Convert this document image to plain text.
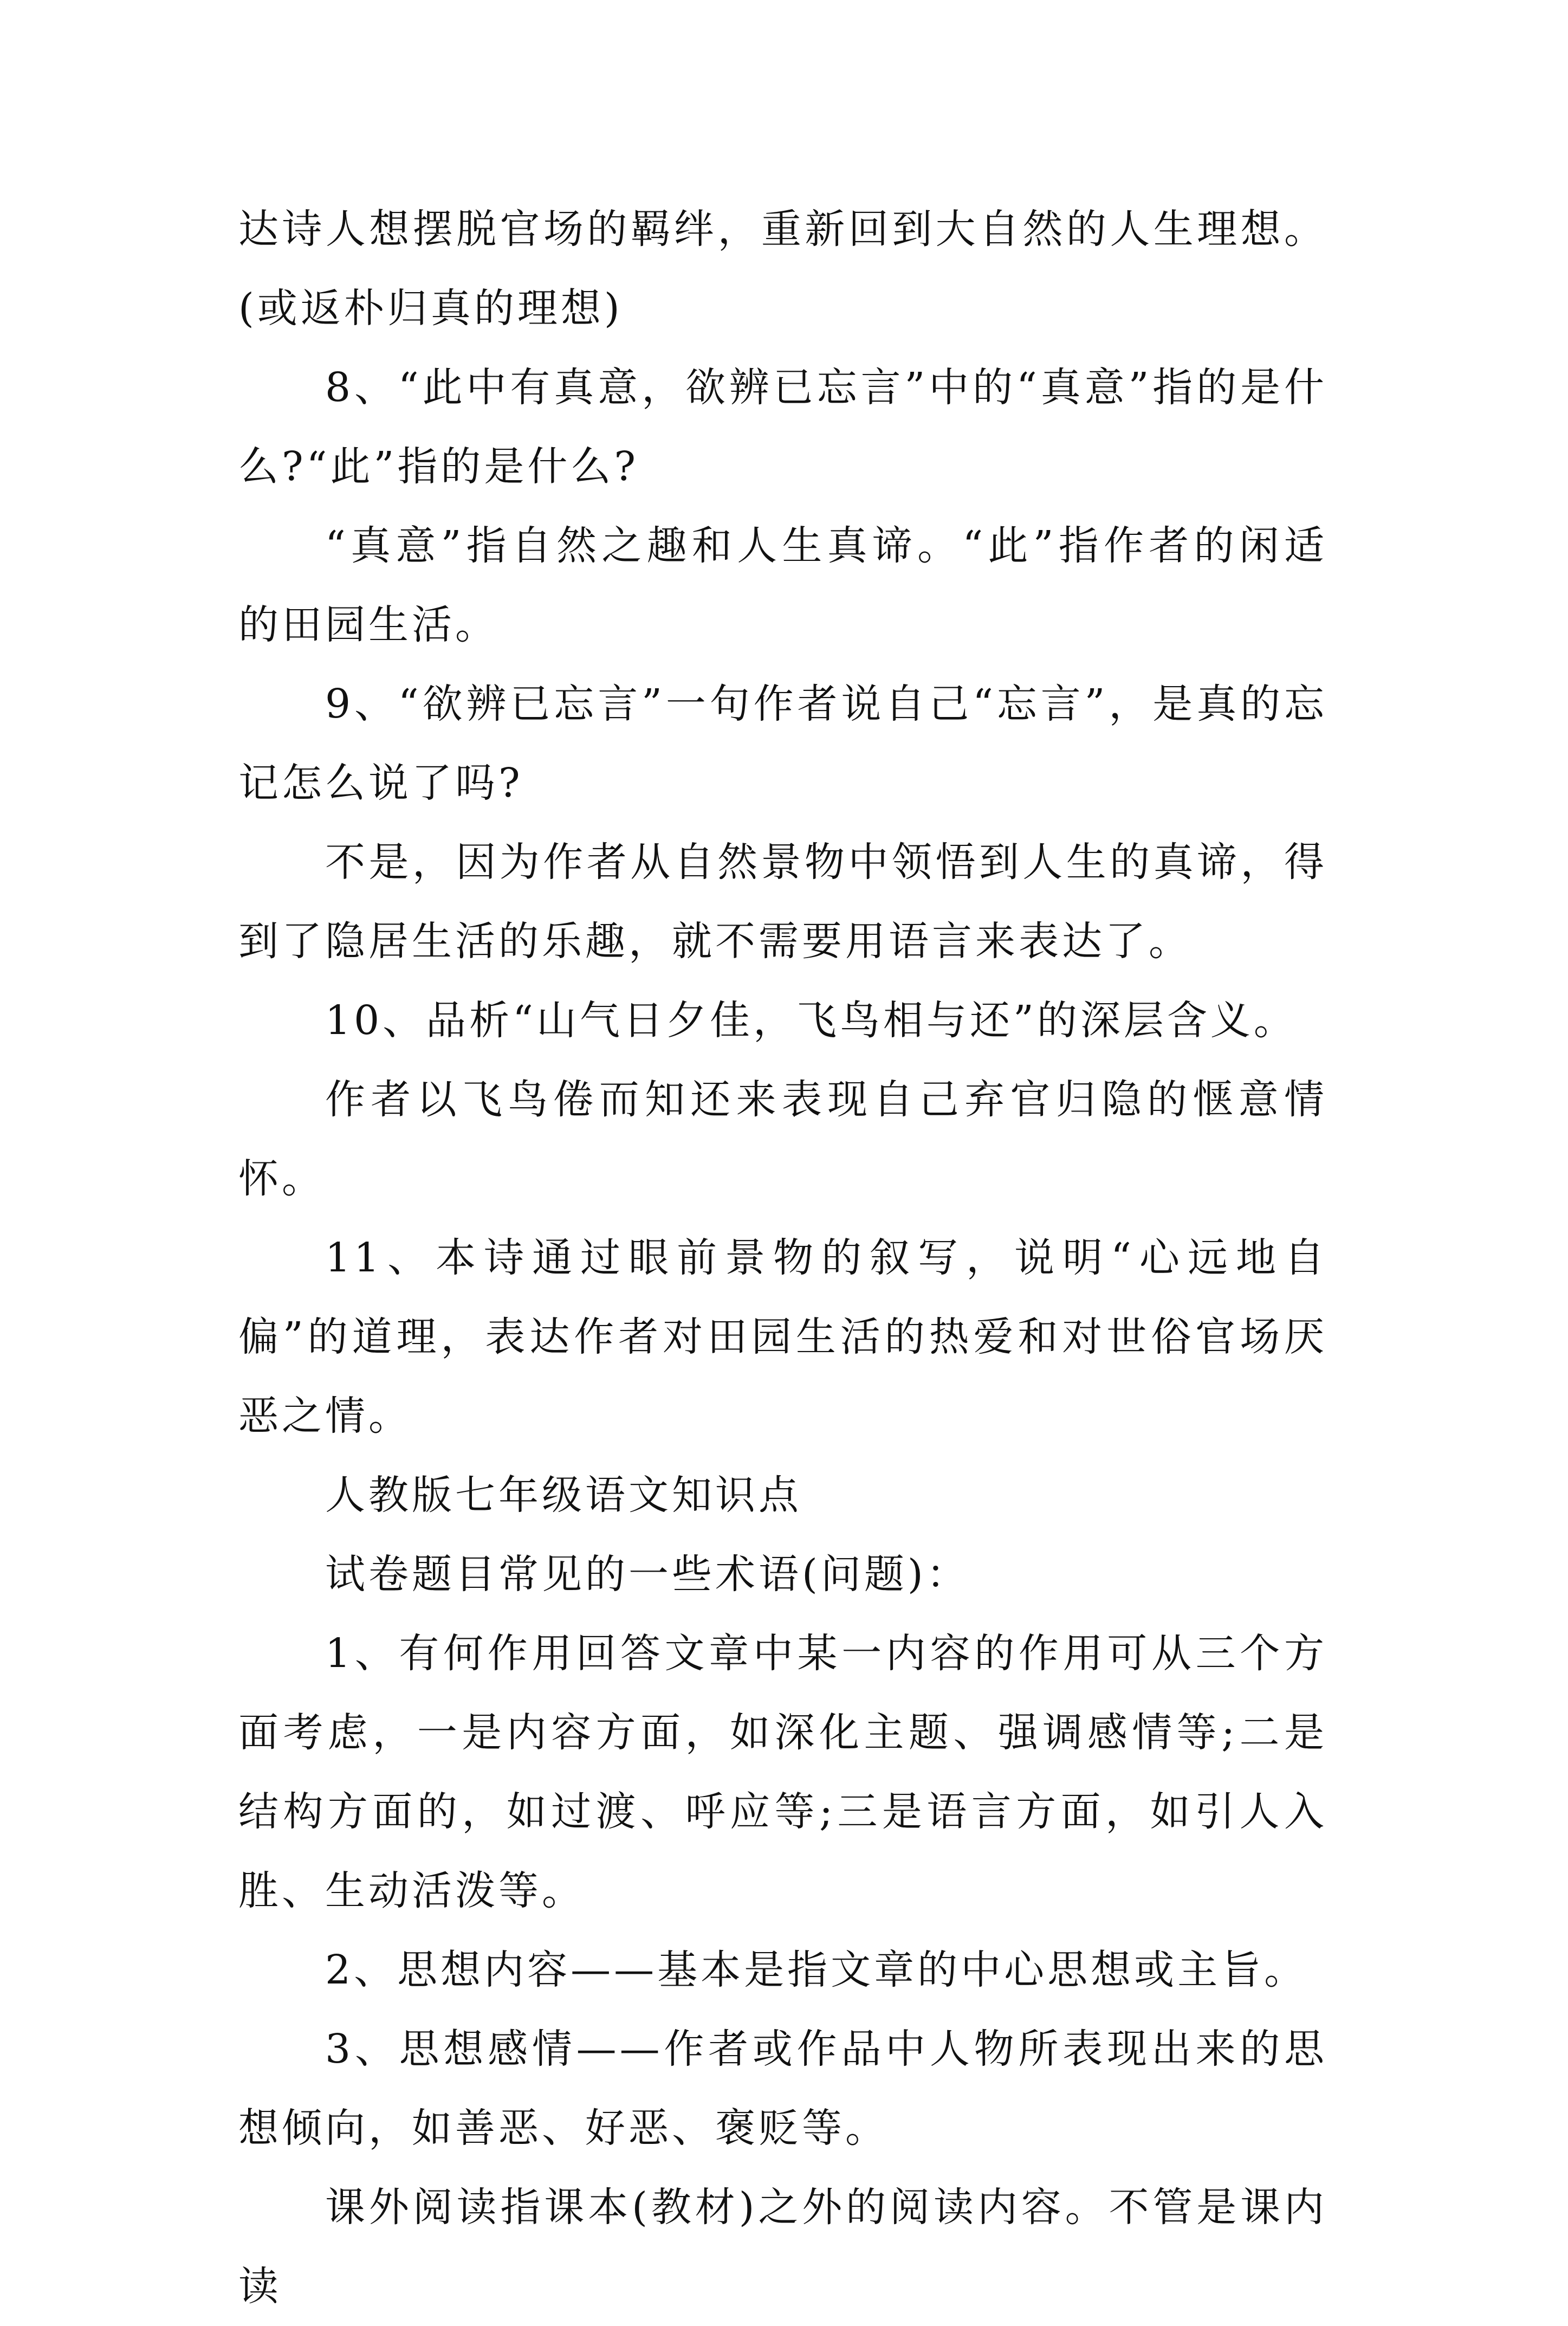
达诗人想摆脱官场的羁绊，重新回到大自然的人生理想。(或返朴归真的理想)

8、“此中有真意，欲辨已忘言”中的“真意”指的是什么?“此”指的是什么?

“真意”指自然之趣和人生真谛。“此”指作者的闲适的田园生活。

9、“欲辨已忘言”一句作者说自己“忘言”，是真的忘记怎么说了吗?

不是，因为作者从自然景物中领悟到人生的真谛，得到了隐居生活的乐趣，就不需要用语言来表达了。

10、品析“山气日夕佳，飞鸟相与还”的深层含义。

作者以飞鸟倦而知还来表现自己弃官归隐的惬意情怀。

11、本诗通过眼前景物的叙写，说明“心远地自偏”的道理，表达作者对田园生活的热爱和对世俗官场厌恶之情。

人教版七年级语文知识点

试卷题目常见的一些术语(问题)：

1、有何作用回答文章中某一内容的作用可从三个方面考虑，一是内容方面，如深化主题、强调感情等;二是结构方面的，如过渡、呼应等;三是语言方面，如引人入胜、生动活泼等。

2、思想内容——基本是指文章的中心思想或主旨。

3、思想感情——作者或作品中人物所表现出来的思想倾向，如善恶、好恶、褒贬等。

课外阅读指课本(教材)之外的阅读内容。不管是课内读
